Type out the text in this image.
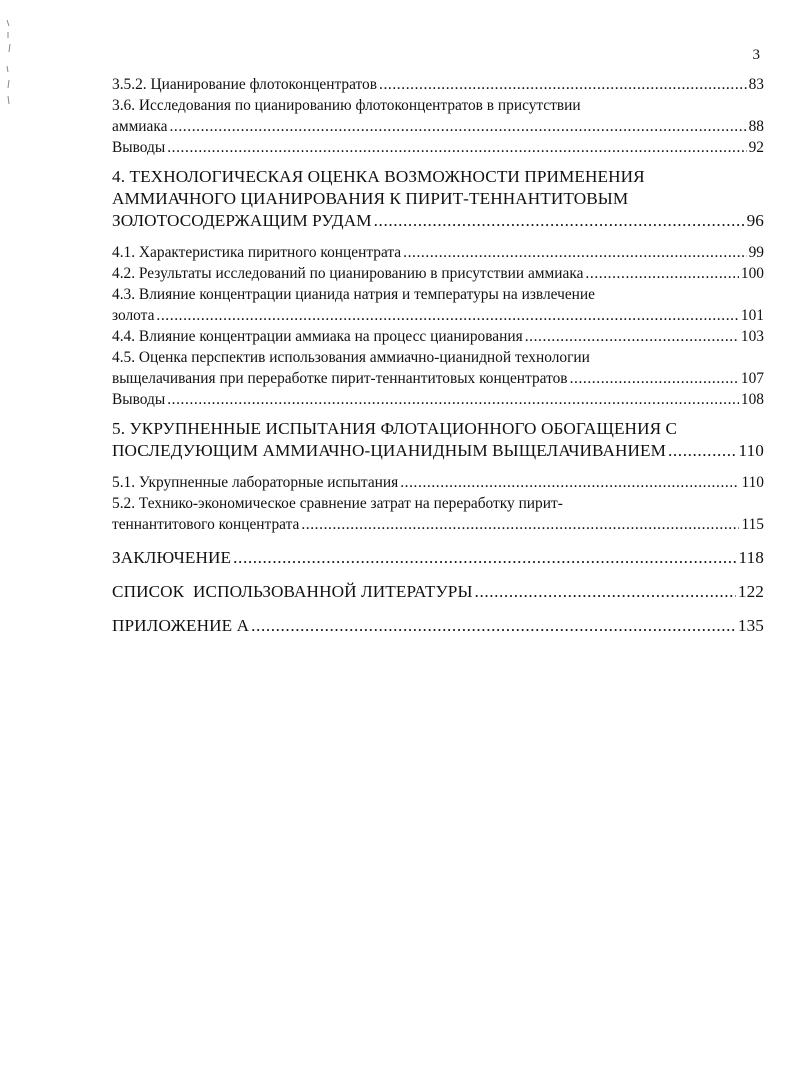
3
3.5.2. Цианирование флотоконцентратов .....	83
3.6. Исследования по цианированию флотоконцентратов в присутствии
аммиака .....	88
Выводы .....	92
4. ТЕХНОЛОГИЧЕСКАЯ ОЦЕНКА ВОЗМОЖНОСТИ ПРИМЕНЕНИЯ АММИАЧНОГО ЦИАНИРОВАНИЯ К ПИРИТ-ТЕННАНТИТОВЫМ
ЗОЛОТОСОДЕРЖАЩИМ РУДАМ .....	96
4.1. Характеристика пиритного концентрата .....	99
4.2. Результаты исследований по цианированию в присутствии аммиака .....	100
4.3. Влияние концентрации цианида натрия и температуры на извлечение
золота .....	101
4.4. Влияние концентрации аммиака на процесс цианирования .....	103
4.5. Оценка перспектив использования аммиачно-цианидной технологии
выщелачивания при переработке пирит-теннантитовых концентратов .....	107
Выводы .....	108
5. УКРУПНЕННЫЕ ИСПЫТАНИЯ ФЛОТАЦИОННОГО ОБОГАЩЕНИЯ С
ПОСЛЕДУЮЩИМ АММИАЧНО-ЦИАНИДНЫМ ВЫЩЕЛАЧИВАНИЕМ .....	110
5.1. Укрупненные лабораторные испытания .....	110
5.2. Технико-экономическое сравнение затрат на переработку пирит-
теннантитового концентрата .....	115
ЗАКЛЮЧЕНИЕ .....	118
СПИСОК  ИСПОЛЬЗОВАННОЙ ЛИТЕРАТУРЫ .....	122
ПРИЛОЖЕНИЕ А .....	135
